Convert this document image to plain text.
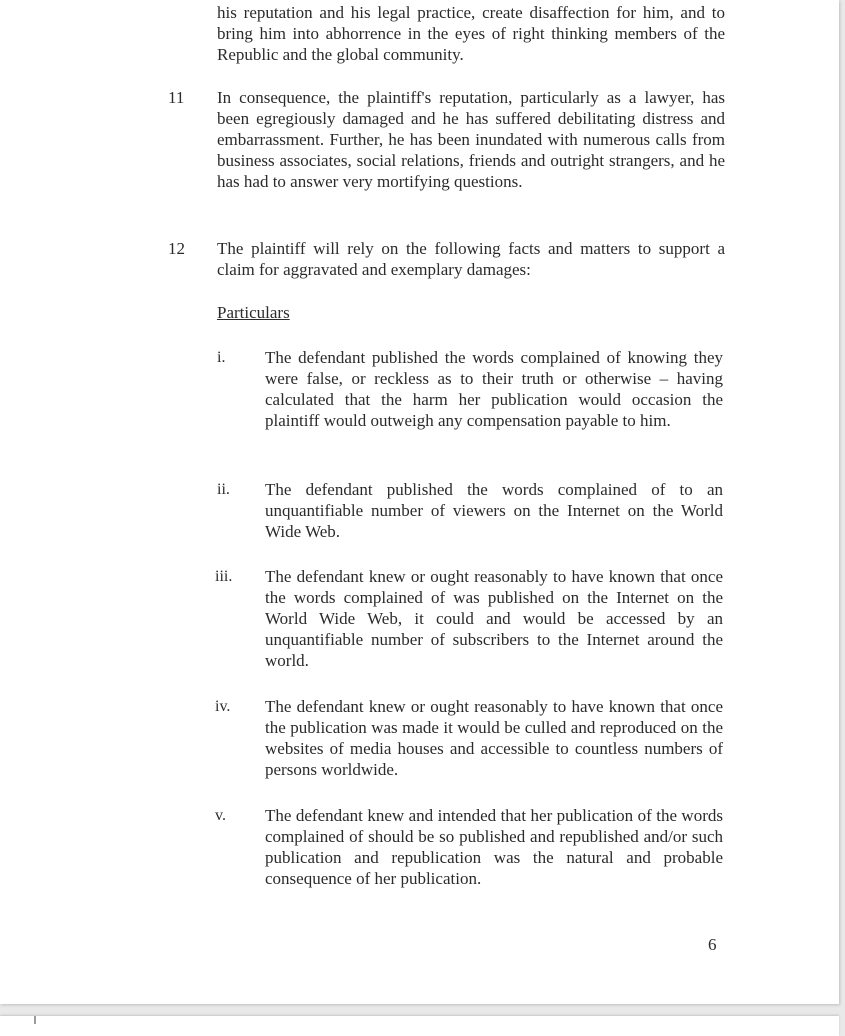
his reputation and his legal practice, create disaffection for him, and to bring him into abhorrence in the eyes of right thinking members of the Republic and the global community.

11 In consequence, the plaintiff's reputation, particularly as a lawyer, has been egregiously damaged and he has suffered debilitating distress and embarrassment. Further, he has been inundated with numerous calls from business associates, social relations, friends and outright strangers, and he has had to answer very mortifying questions.

12 The plaintiff will rely on the following facts and matters to support a claim for aggravated and exemplary damages:

Particulars

i. The defendant published the words complained of knowing they were false, or reckless as to their truth or otherwise – having calculated that the harm her publication would occasion the plaintiff would outweigh any compensation payable to him.

ii. The defendant published the words complained of to an unquantifiable number of viewers on the Internet on the World Wide Web.

iii. The defendant knew or ought reasonably to have known that once the words complained of was published on the Internet on the World Wide Web, it could and would be accessed by an unquantifiable number of subscribers to the Internet around the world.

iv. The defendant knew or ought reasonably to have known that once the publication was made it would be culled and reproduced on the websites of media houses and accessible to countless numbers of persons worldwide.

v. The defendant knew and intended that her publication of the words complained of should be so published and republished and/or such publication and republication was the natural and probable consequence of her publication.

6
